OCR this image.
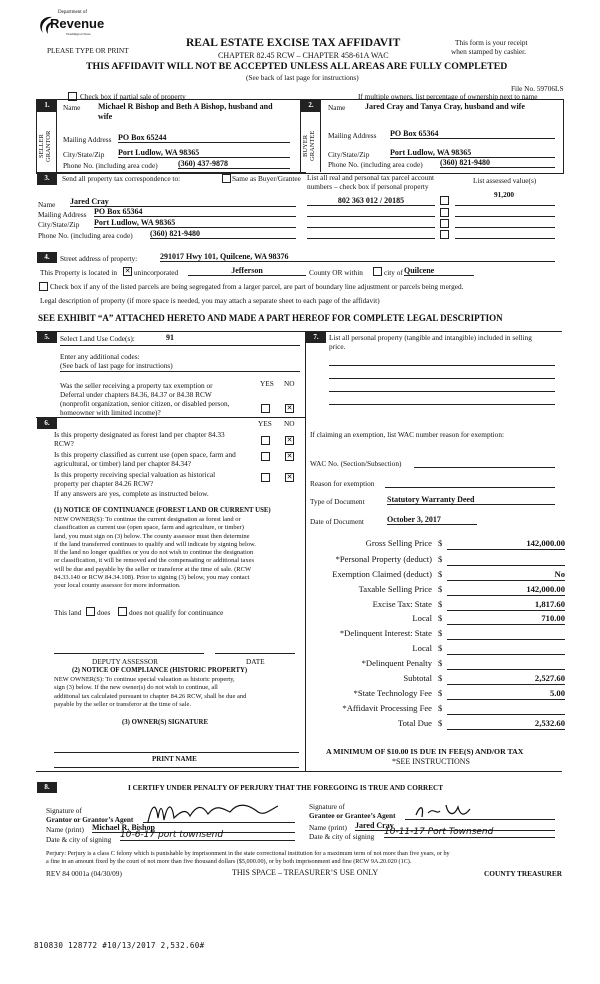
Department of
Revenue
Washington State
PLEASE TYPE OR PRINT
REAL ESTATE EXCISE TAX AFFIDAVIT
CHAPTER 82.45 RCW – CHAPTER 458-61A WAC
This form is your receipt
when stamped by cashier.
THIS AFFIDAVIT WILL NOT BE ACCEPTED UNLESS ALL AREAS ARE FULLY COMPLETED
(See back of last page for instructions)
File No. 59706LS
Check box if partial sale of property	If multiple owners, list percentage of ownership next to name
1.	2.
SELLER GRANTOR	BUYER GRANTEE
Name Michael R Bishop and Beth A Bishop, husband and
wife
Mailing Address PO Box 65244
City/State/Zip Port Ludlow, WA 98365
Phone No. (including area code)	(360) 437-9878
Name Jared Cray and Tanya Cray, husband and wife
Mailing Address PO Box 65364
City/State/Zip	Port Ludlow, WA 98365
Phone No. (including area code) (360) 821-9480
3.	Send all property tax correspondence to:	Same as Buyer/Grantee List all real and personal tax parcel account
numbers – check box if personal property
List assessed value(s)
91,200
802 363 012 / 20185
Name Jared Cray
Mailing Address PO Box 65364
City/State/Zip Port Ludlow, WA 98365
Phone No. (including area code) (360) 821-9480
4.	Street address of property:	291017 Hwy 101, Quilcene, WA 98376
This Property is located in ✕ unincorporated	Jefferson	County OR within	city of Quilcene
Check box if any of the listed parcels are being segregated from a larger parcel, are part of boundary line adjustment or parcels being merged.
Legal description of property (if more space is needed, you may attach a separate sheet to each page of the affidavit)
SEE EXHIBIT “A” ATTACHED HERETO AND MADE A PART HEREOF FOR COMPLETE LEGAL DESCRIPTION
5.	Select Land Use Code(s):	91
Enter any additional codes:
(See back of last page for instructions)
YES NO
Was the seller receiving a property tax exemption or
Deferral under chapters 84.36, 84.37 or 84.38 RCW
(nonprofit organization, senior citizen, or disabled person,
homeowner with limited income)?	✕
6.	YES NO
Is this property designated as forest land per chapter 84.33
RCW?	✕
Is this property classified as current use (open space, farm and
agricultural, or timber) land per chapter 84.34?
✕
Is this property receiving special valuation as historical
property per chapter 84.26 RCW?
✕
If any answers are yes, complete as instructed below.
(1) NOTICE OF CONTINUANCE (FOREST LAND OR CURRENT USE)
NEW OWNER(S): To continue the current designation as forest land or
classification as current use (open space, farm and agriculture, or timber)
land, you must sign on (3) below. The county assessor must then determine
if the land transferred continues to qualify and will indicate by signing below.
If the land no longer qualifies or you do not wish to continue the designation
or classification, it will be removed and the compensating or additional taxes
will be due and payable by the seller or transferor at the time of sale. (RCW
84.33.140 or RCW 84.34.108). Prior to signing (3) below, you may contact
your local county assessor for more information.
This land does	does not qualify for continuance
DEPUTY ASSESSOR	DATE
(2) NOTICE OF COMPLIANCE (HISTORIC PROPERTY)
NEW OWNER(S): To continue special valuation as historic property,
sign (3) below. If the new owner(s) do not wish to continue, all
additional tax calculated pursuant to chapter 84.26 RCW, shall be due and
payable by the seller or transferor at the time of sale.
(3) OWNER(S) SIGNATURE
PRINT NAME
7.	List all personal property (tangible and intangible) included in selling
price.
If claiming an exemption, list WAC number reason for exemption:
WAC No. (Section/Subsection)
Reason for exemption
Type of Document	Statutory Warranty Deed
Date of Document	October 3, 2017
Gross Selling Price $	142,000.00
*Personal Property (deduct) $
Exemption Claimed (deduct) $	No
Taxable Selling Price $	142,000.00
Excise Tax: State $	1,817.60
Local $	710.00
*Delinquent Interest: State $
Local $
*Delinquent Penalty $
Subtotal $	2,527.60
*State Technology Fee $	5.00
*Affidavit Processing Fee $
Total Due $	2,532.60
A MINIMUM OF $10.00 IS DUE IN FEE(S) AND/OR TAX
*SEE INSTRUCTIONS
8.	I CERTIFY UNDER PENALTY OF PERJURY THAT THE FOREGOING IS TRUE AND CORRECT
Signature of
Grantor or Grantor’s Agent
Name (print) Michael R. Bishop
Date & city of signing 10-6-17 port townsend
Signature of
Grantee or Grantee’s Agent
Name (print) Jared Cray
Date & city of signing 10-11-17 Port Townsend
Perjury: Perjury is a class C felony which is punishable by imprisonment in the state correctional institution for a maximum term of not more than five years, or by
a fine in an amount fixed by the court of not more than five thousand dollars ($5,000.00), or by both imprisonment and fine (RCW 9A.20.020 (1C).
REV 84 0001a (04/30/09)	THIS SPACE – TREASURER’S USE ONLY	COUNTY TREASURER
810830 128772 #10/13/2017 2,532.60#
